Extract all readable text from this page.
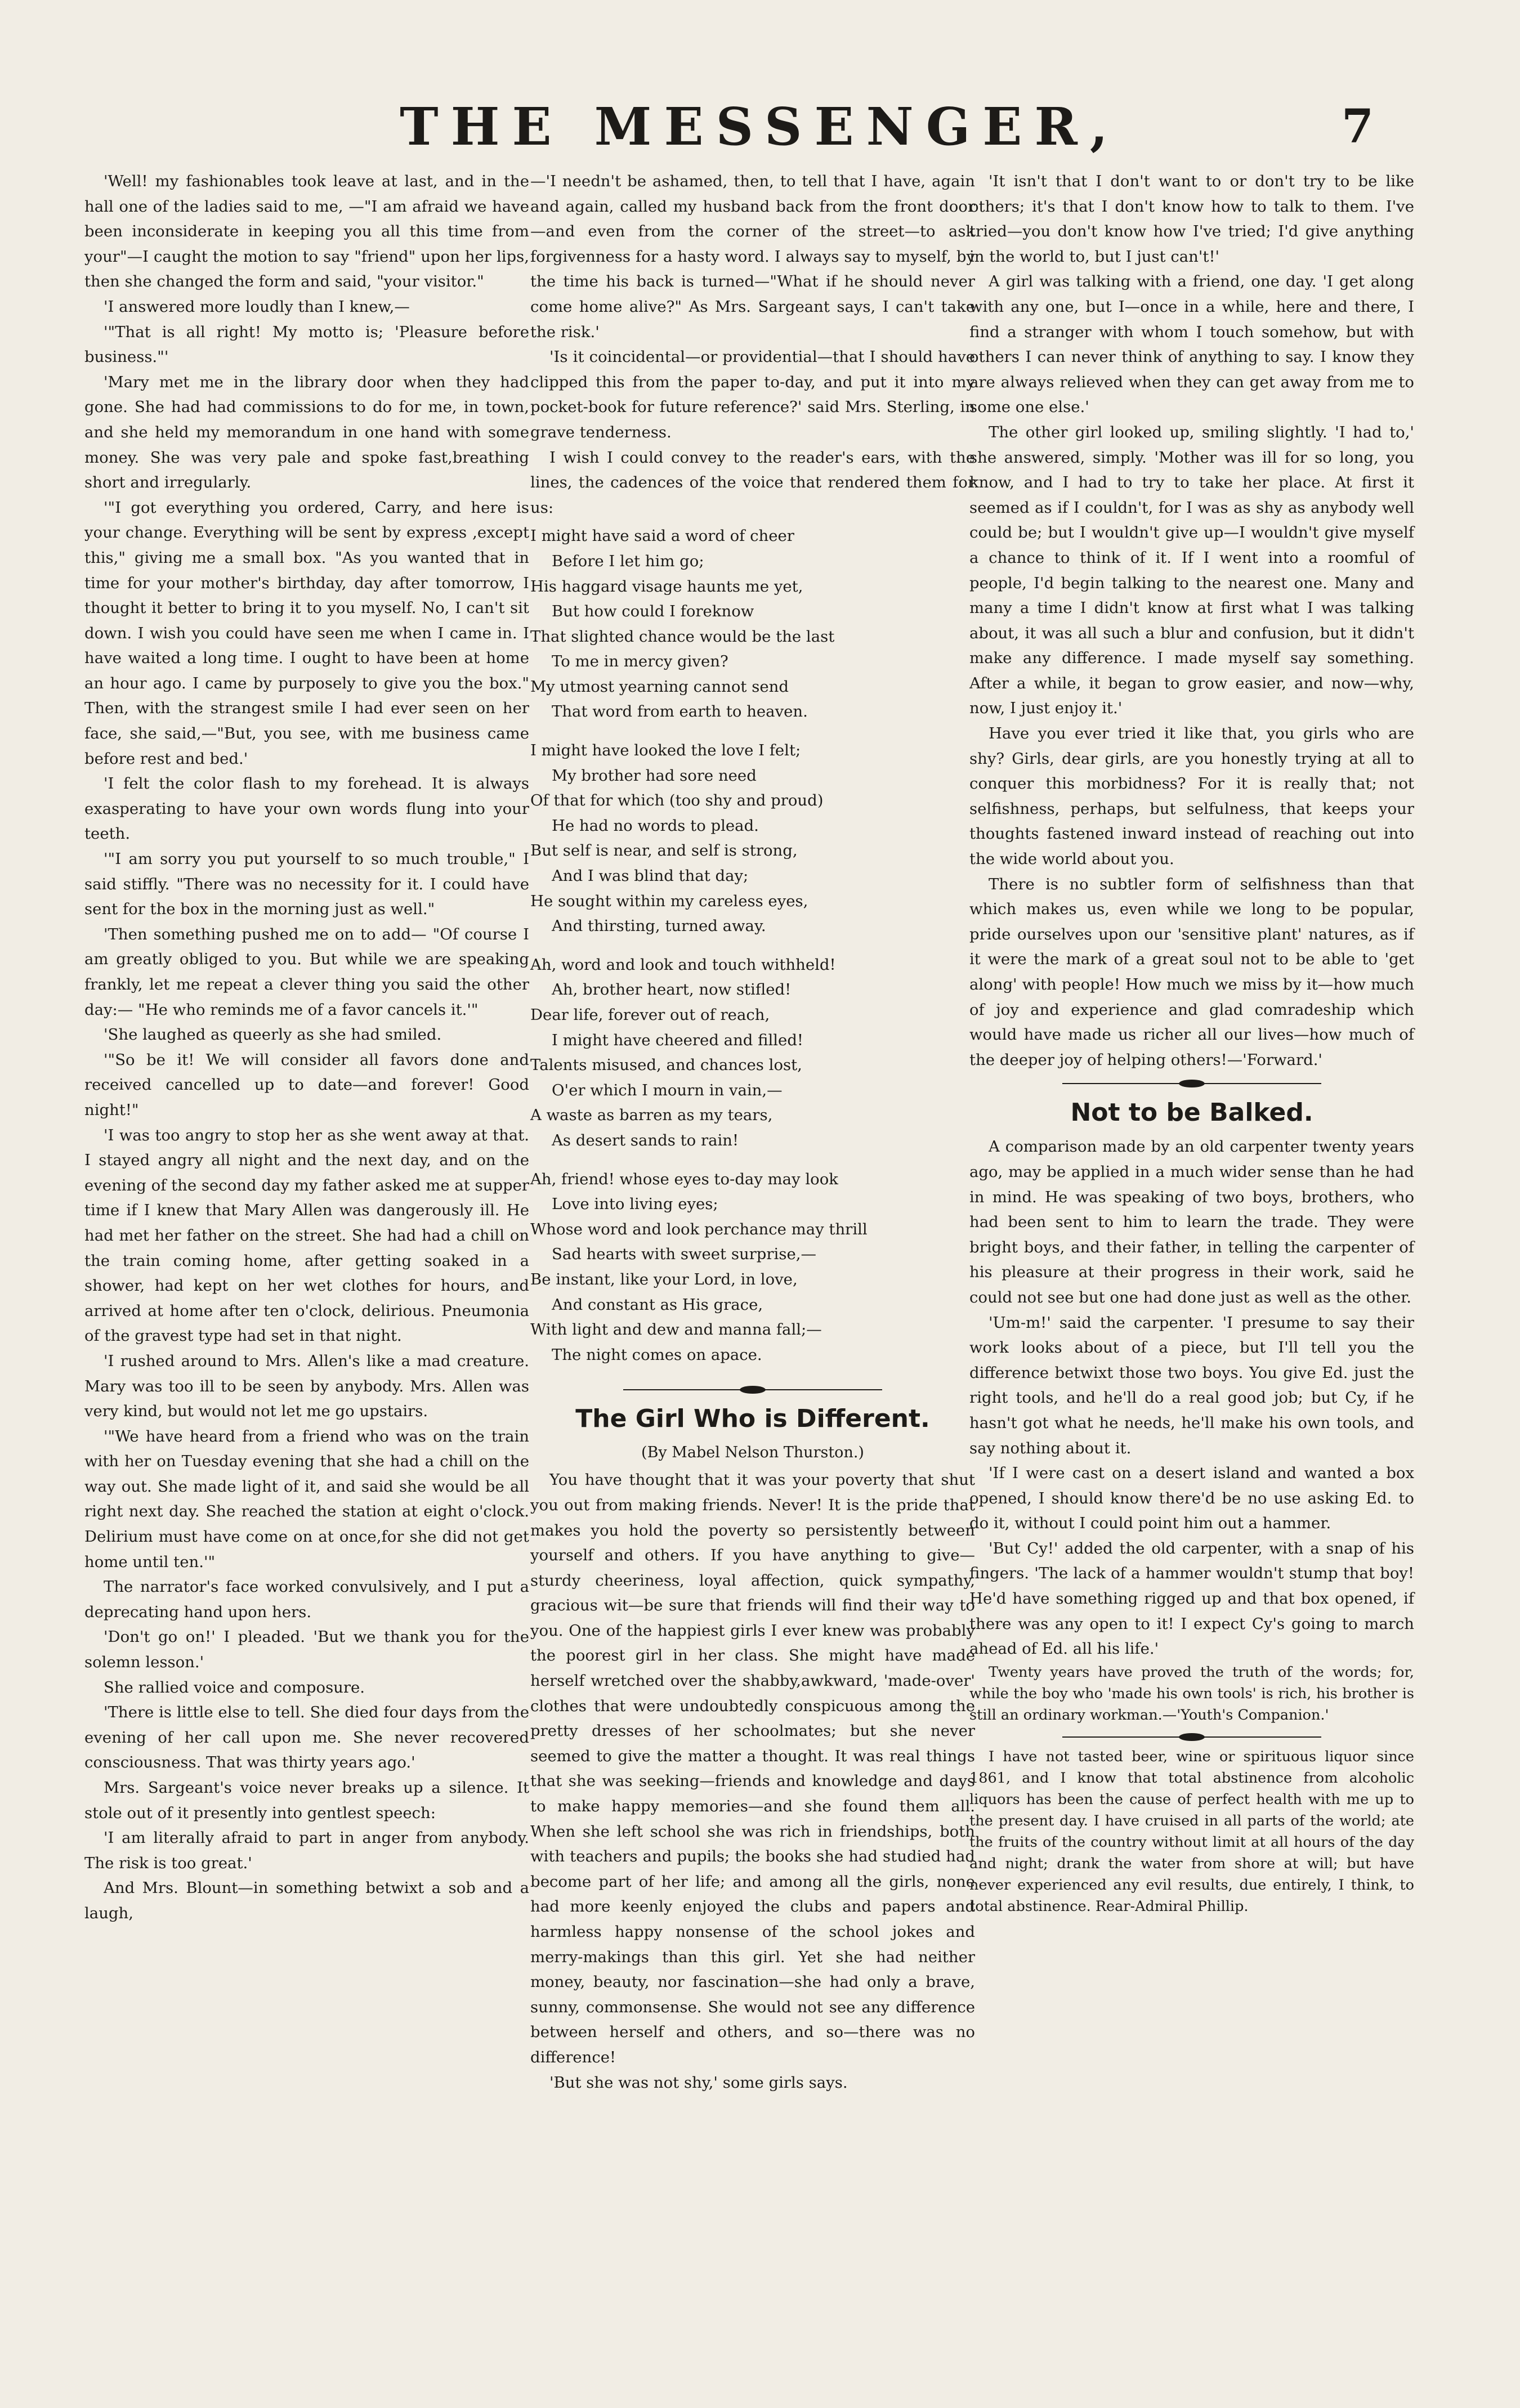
THE MESSENGER,	7

'Well! my fashionables took leave at last, and in the hall one of the ladies said to me, —"I am afraid we have been inconsiderate in keeping you all this time from your"—I caught the motion to say "friend" upon her lips, then she changed the form and said, "your visitor."

'I answered more loudly than I knew,—

'"That is all right! My motto is; 'Pleasure before business."'

'Mary met me in the library door when they had gone. She had had commissions to do for me, in town, and she held my memorandum in one hand with some money. She was very pale and spoke fast,breathing short and irregularly.

'"I got everything you ordered, Carry, and here is your change. Everything will be sent by express ,except this," giving me a small box. "As you wanted that in time for your mother's birthday, day after tomorrow, I thought it better to bring it to you myself. No, I can't sit down. I wish you could have seen me when I came in. I have waited a long time. I ought to have been at home an hour ago. I came by purposely to give you the box." Then, with the strangest smile I had ever seen on her face, she said,—"But, you see, with me business came before rest and bed.'

'I felt the color flash to my forehead. It is always exasperating to have your own words flung into your teeth.

'"I am sorry you put yourself to so much trouble," I said stiffly. "There was no necessity for it. I could have sent for the box in the morning just as well."

'Then something pushed me on to add— "Of course I am greatly obliged to you. But while we are speaking frankly, let me repeat a clever thing you said the other day:— "He who reminds me of a favor cancels it.'"

'She laughed as queerly as she had smiled.

'"So be it! We will consider all favors done and received cancelled up to date—and forever! Good night!"

'I was too angry to stop her as she went away at that. I stayed angry all night and the next day, and on the evening of the second day my father asked me at supper time if I knew that Mary Allen was dangerously ill. He had met her father on the street. She had had a chill on the train coming home, after getting soaked in a shower, had kept on her wet clothes for hours, and arrived at home after ten o'clock, delirious. Pneumonia of the gravest type had set in that night.

'I rushed around to Mrs. Allen's like a mad creature. Mary was too ill to be seen by anybody. Mrs. Allen was very kind, but would not let me go upstairs.

'"We have heard from a friend who was on the train with her on Tuesday evening that she had a chill on the way out. She made light of it, and said she would be all right next day. She reached the station at eight o'clock. Delirium must have come on at once,for she did not get home until ten.'"

The narrator's face worked convulsively, and I put a deprecating hand upon hers.

'Don't go on!' I pleaded. 'But we thank you for the solemn lesson.'

She rallied voice and composure.

'There is little else to tell. She died four days from the evening of her call upon me. She never recovered consciousness. That was thirty years ago.'

Mrs. Sargeant's voice never breaks up a silence. It stole out of it presently into gentlest speech:

'I am literally afraid to part in anger from anybody. The risk is too great.'

And Mrs. Blount—in something betwixt a sob and a laugh,

—'I needn't be ashamed, then, to tell that I have, again and again, called my husband back from the front door—and even from the corner of the street—to ask forgivenness for a hasty word. I always say to myself, by the time his back is turned—"What if he should never come home alive?" As Mrs. Sargeant says, I can't take the risk.'

'Is it coincidental—or providential—that I should have clipped this from the paper to-day, and put it into my pocket-book for future reference?' said Mrs. Sterling, in grave tenderness.

I wish I could convey to the reader's ears, with the lines, the cadences of the voice that rendered them for us:

I might have said a word of cheer
Before I let him go;
His haggard visage haunts me yet,
But how could I foreknow
That slighted chance would be the last
To me in mercy given?
My utmost yearning cannot send
That word from earth to heaven.
I might have looked the love I felt;
My brother had sore need
Of that for which (too shy and proud)
He had no words to plead.
But self is near, and self is strong,
And I was blind that day;
He sought within my careless eyes,
And thirsting, turned away.
Ah, word and look and touch withheld!
Ah, brother heart, now stifled!
Dear life, forever out of reach,
I might have cheered and filled!
Talents misused, and chances lost,
O'er which I mourn in vain,—
A waste as barren as my tears,
As desert sands to rain!
Ah, friend! whose eyes to-day may look
Love into living eyes;
Whose word and look perchance may thrill
Sad hearts with sweet surprise,—
Be instant, like your Lord, in love,
And constant as His grace,
With light and dew and manna fall;—
The night comes on apace.
The Girl Who is Different.
(By Mabel Nelson Thurston.)

You have thought that it was your poverty that shut you out from making friends. Never! It is the pride that makes you hold the poverty so persistently between yourself and others. If you have anything to give—sturdy cheeriness, loyal affection, quick sympathy, gracious wit—be sure that friends will find their way to you. One of the happiest girls I ever knew was probably the poorest girl in her class. She might have made herself wretched over the shabby,awkward, 'made-over' clothes that were undoubtedly conspicuous among the pretty dresses of her schoolmates; but she never seemed to give the matter a thought. It was real things that she was seeking—friends and knowledge and days to make happy memories—and she found them all. When she left school she was rich in friendships, both with teachers and pupils; the books she had studied had become part of her life; and among all the girls, none had more keenly enjoyed the clubs and papers and harmless happy nonsense of the school jokes and merry-makings than this girl. Yet she had neither money, beauty, nor fascination—she had only a brave, sunny, commonsense. She would not see any difference between herself and others, and so—there was no difference!

'But she was not shy,' some girls says.

'It isn't that I don't want to or don't try to be like others; it's that I don't know how to talk to them. I've tried—you don't know how I've tried; I'd give anything in the world to, but I just can't!'

A girl was talking with a friend, one day. 'I get along with any one, but I—once in a while, here and there, I find a stranger with whom I touch somehow, but with others I can never think of anything to say. I know they are always relieved when they can get away from me to some one else.'

The other girl looked up, smiling slightly. 'I had to,' she answered, simply. 'Mother was ill for so long, you know, and I had to try to take her place. At first it seemed as if I couldn't, for I was as shy as anybody well could be; but I wouldn't give up—I wouldn't give myself a chance to think of it. If I went into a roomful of people, I'd begin talking to the nearest one. Many and many a time I didn't know at first what I was talking about, it was all such a blur and confusion, but it didn't make any difference. I made myself say something. After a while, it began to grow easier, and now—why, now, I just enjoy it.'

Have you ever tried it like that, you girls who are shy? Girls, dear girls, are you honestly trying at all to conquer this morbidness? For it is really that; not selfishness, perhaps, but selfulness, that keeps your thoughts fastened inward instead of reaching out into the wide world about you.

There is no subtler form of selfishness than that which makes us, even while we long to be popular, pride ourselves upon our 'sensitive plant' natures, as if it were the mark of a great soul not to be able to 'get along' with people! How much we miss by it—how much of joy and experience and glad comradeship which would have made us richer all our lives—how much of the deeper joy of helping others!—'Forward.'

Not to be Balked.

A comparison made by an old carpenter twenty years ago, may be applied in a much wider sense than he had in mind. He was speaking of two boys, brothers, who had been sent to him to learn the trade. They were bright boys, and their father, in telling the carpenter of his pleasure at their progress in their work, said he could not see but one had done just as well as the other.

'Um-m!' said the carpenter. 'I presume to say their work looks about of a piece, but I'll tell you the difference betwixt those two boys. You give Ed. just the right tools, and he'll do a real good job; but Cy, if he hasn't got what he needs, he'll make his own tools, and say nothing about it.

'If I were cast on a desert island and wanted a box opened, I should know there'd be no use asking Ed. to do it, without I could point him out a hammer.

'But Cy!' added the old carpenter, with a snap of his fingers. 'The lack of a hammer wouldn't stump that boy! He'd have something rigged up and that box opened, if there was any open to it! I expect Cy's going to march ahead of Ed. all his life.'

Twenty years have proved the truth of the words; for, while the boy who 'made his own tools' is rich, his brother is still an ordinary workman.—'Youth's Companion.'

I have not tasted beer, wine or spirituous liquor since 1861, and I know that total abstinence from alcoholic liquors has been the cause of perfect health with me up to the present day. I have cruised in all parts of the world; ate the fruits of the country without limit at all hours of the day and night; drank the water from shore at will; but have never experienced any evil results, due entirely, I think, to total abstinence. Rear-Admiral Phillip.
